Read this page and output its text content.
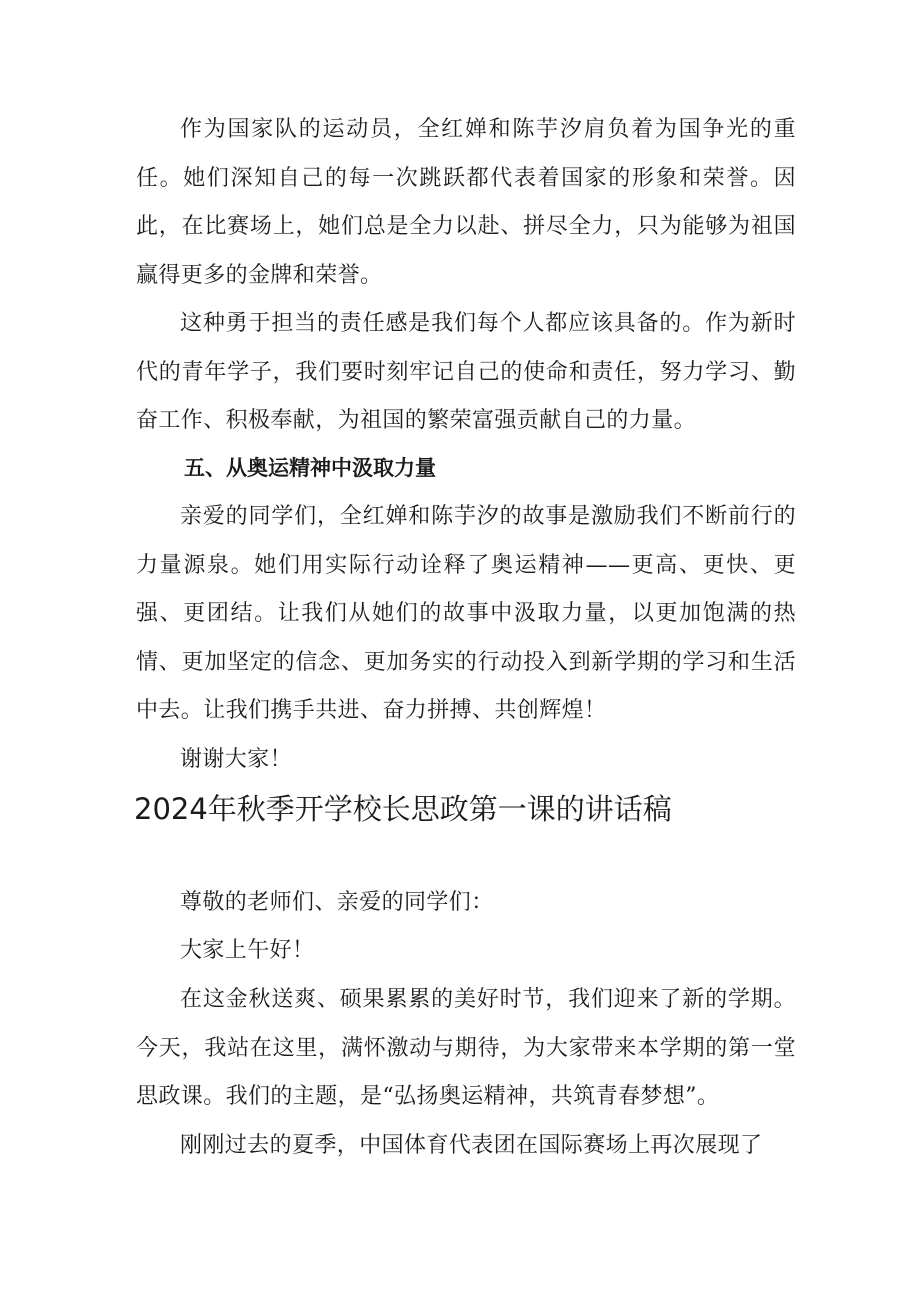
作为国家队的运动员，全红婵和陈芋汐肩负着为国争光的重任。她们深知自己的每一次跳跃都代表着国家的形象和荣誉。因此，在比赛场上，她们总是全力以赴、拼尽全力，只为能够为祖国赢得更多的金牌和荣誉。

这种勇于担当的责任感是我们每个人都应该具备的。作为新时代的青年学子，我们要时刻牢记自己的使命和责任，努力学习、勤奋工作、积极奉献，为祖国的繁荣富强贡献自己的力量。

五、从奥运精神中汲取力量

亲爱的同学们，全红婵和陈芋汐的故事是激励我们不断前行的力量源泉。她们用实际行动诠释了奥运精神——更高、更快、更强、更团结。让我们从她们的故事中汲取力量，以更加饱满的热情、更加坚定的信念、更加务实的行动投入到新学期的学习和生活中去。让我们携手共进、奋力拼搏、共创辉煌！

谢谢大家！

2024年秋季开学校长思政第一课的讲话稿

尊敬的老师们、亲爱的同学们：

大家上午好！

在这金秋送爽、硕果累累的美好时节，我们迎来了新的学期。今天，我站在这里，满怀激动与期待，为大家带来本学期的第一堂思政课。我们的主题，是“弘扬奥运精神，共筑青春梦想”。

刚刚过去的夏季，中国体育代表团在国际赛场上再次展现了
